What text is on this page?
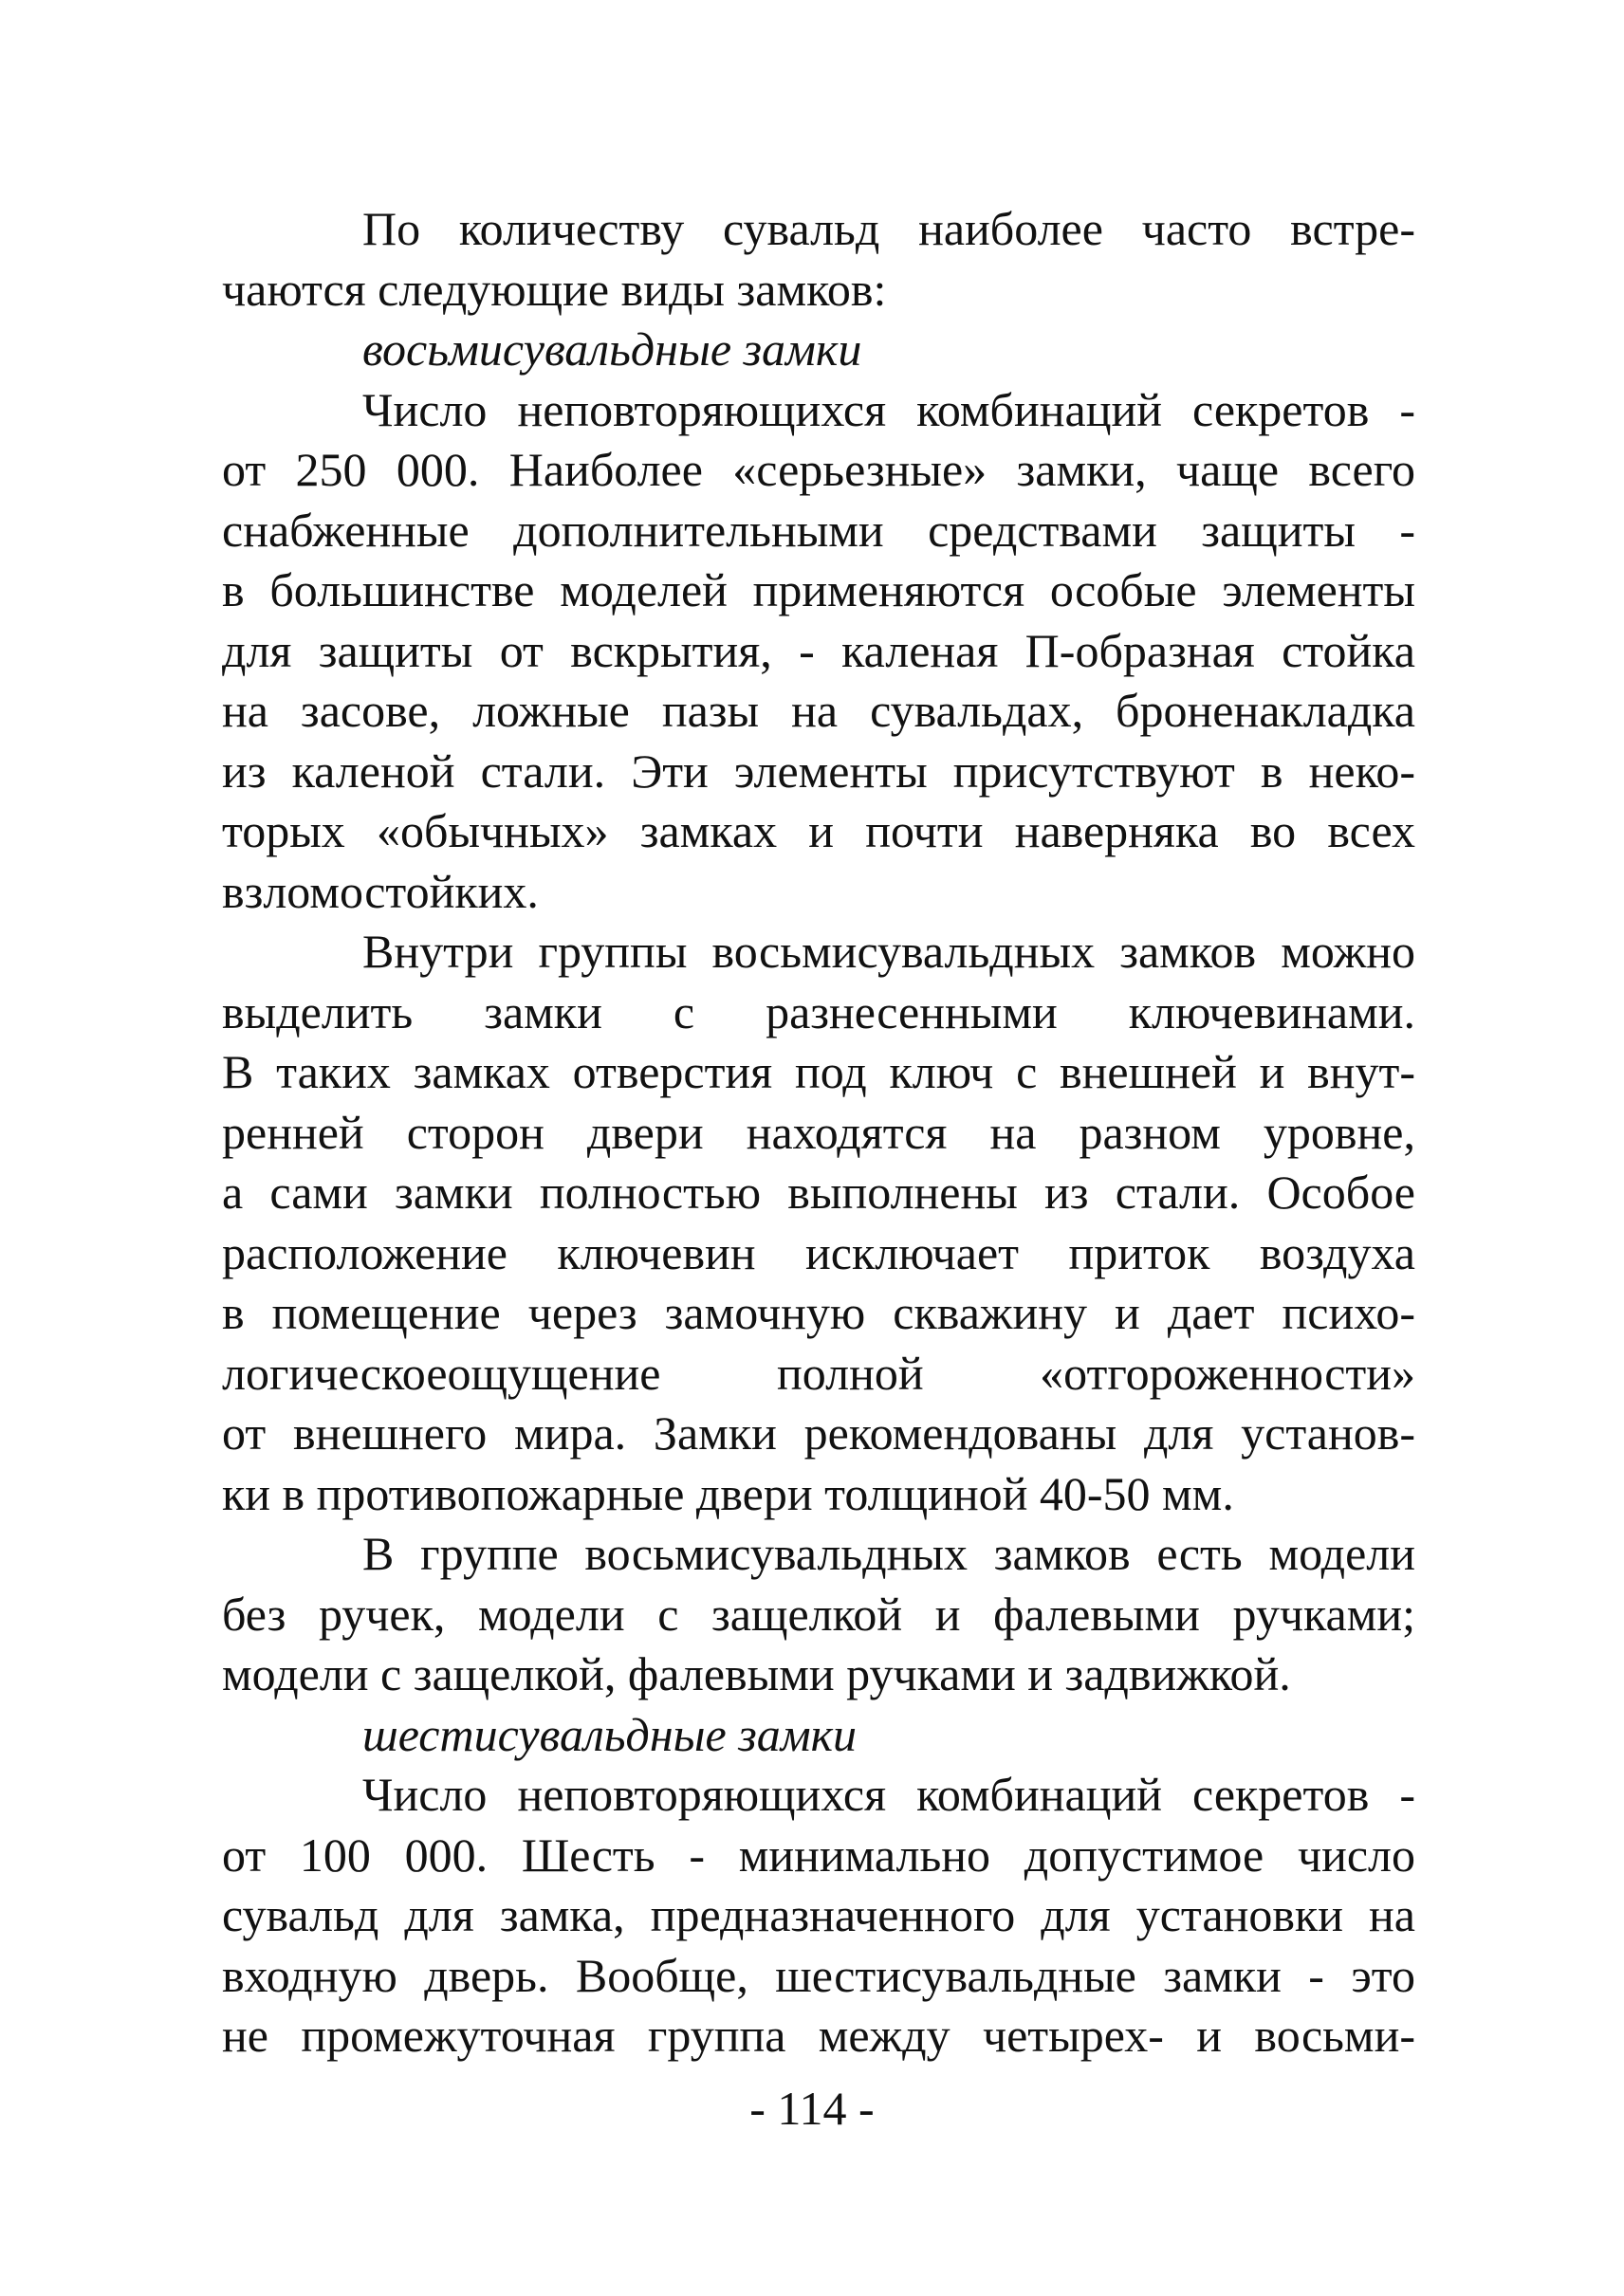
По количеству сувальд наиболее часто встре-
чаются следующие виды замков:
восьмисувальдные замки
Число неповторяющихся комбинаций секретов -
от 250 000. Наиболее «серьезные» замки, чаще всего
снабженные дополнительными средствами защиты -
в большинстве моделей применяются особые элементы
для защиты от вскрытия, - каленая П-образная стойка
на засове, ложные пазы на сувальдах, броненакладка
из каленой стали. Эти элементы присутствуют в неко-
торых «обычных» замках и почти наверняка во всех
взломостойких.
Внутри группы восьмисувальдных замков можно
выделить замки с разнесенными ключевинами.
В таких замках отверстия под ключ с внешней и внут-
ренней сторон двери находятся на разном уровне,
а сами замки полностью выполнены из стали. Особое
расположение ключевин исключает приток воздуха
в помещение через замочную скважину и дает психо-
логическоеощущение полной «отгороженности»
от внешнего мира. Замки рекомендованы для установ-
ки в противопожарные двери толщиной 40-50 мм.
В группе восьмисувальдных замков есть модели
без ручек, модели с защелкой и фалевыми ручками;
модели с защелкой, фалевыми ручками и задвижкой.
шестисувальдные замки
Число неповторяющихся комбинаций секретов -
от 100 000. Шесть - минимально допустимое число
сувальд для замка, предназначенного для установки на
входную дверь. Вообще, шестисувальдные замки - это
не промежуточная группа между четырех- и восьми-
- 114 -
